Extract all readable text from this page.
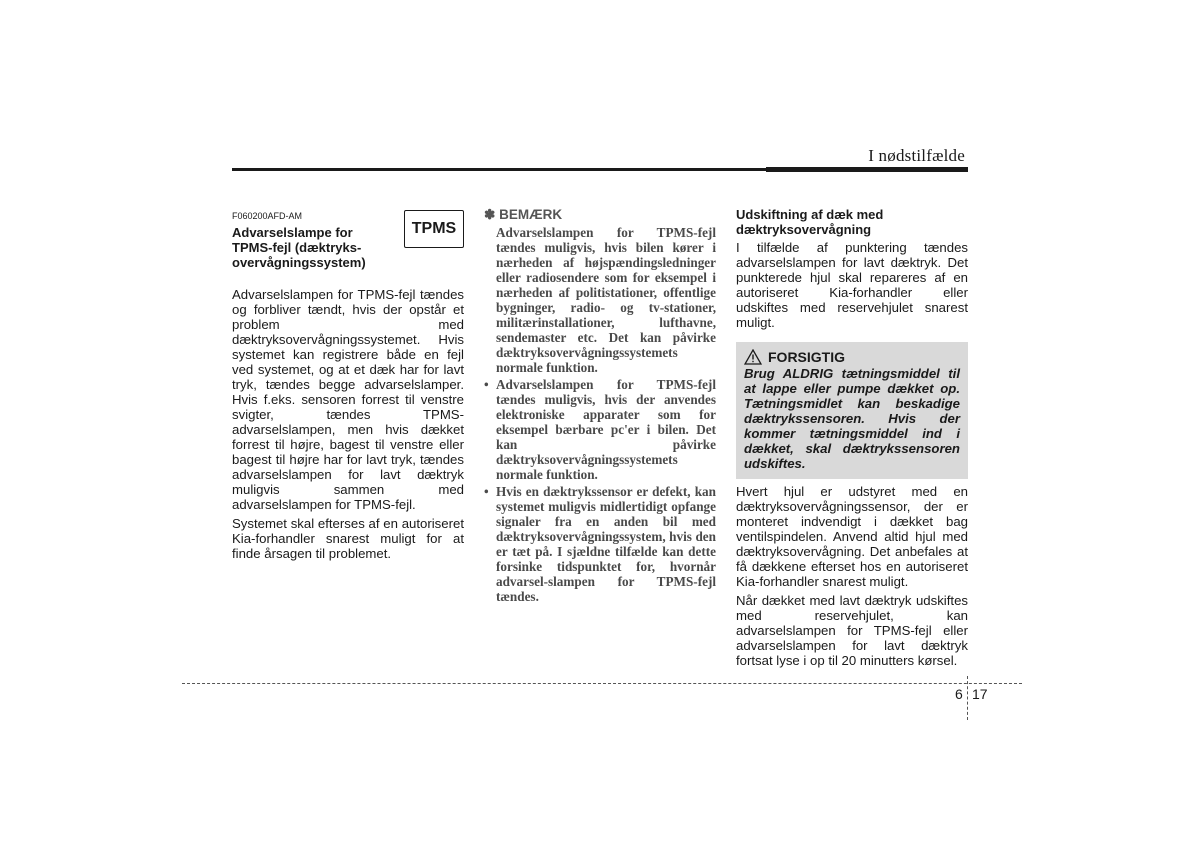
I nødstilfælde

F060200AFD-AM

Advarselslampe for TPMS-fejl (dæktryks-overvågningssystem)

TPMS

Advarselslampen for TPMS-fejl tændes og forbliver tændt, hvis der opstår et problem med dæktryksovervågningssystemet. Hvis systemet kan registrere både en fejl ved systemet, og at et dæk har for lavt tryk, tændes begge advarselslamper. Hvis f.eks. sensoren forrest til venstre svigter, tændes TPMS-advarselslampen, men hvis dækket forrest til højre, bagest til venstre eller bagest til højre har for lavt tryk, tændes advarselslampen for lavt dæktryk muligvis sammen med advarselslampen for TPMS-fejl.

Systemet skal efterses af en autoriseret Kia-forhandler snarest muligt for at finde årsagen til problemet.

✽ BEMÆRK

Advarselslampen for TPMS-fejl tændes muligvis, hvis bilen kører i nærheden af højspændingsledninger eller radiosendere som for eksempel i nærheden af politistationer, offentlige bygninger, radio- og tv-stationer, militærinstallationer, lufthavne, sendemaster etc. Det kan påvirke dæktryksovervågningssystemets normale funktion.
• Advarselslampen for TPMS-fejl tændes muligvis, hvis der anvendes elektroniske apparater som for eksempel bærbare pc'er i bilen. Det kan påvirke dæktryksovervågningssystemets normale funktion.
• Hvis en dæktrykssensor er defekt, kan systemet muligvis midlertidigt opfange signaler fra en anden bil med dæktryksovervågningssystem, hvis den er tæt på. I sjældne tilfælde kan dette forsinke tidspunktet for, hvornår advarsel-slampen for TPMS-fejl tændes.

Udskiftning af dæk med dæktryksovervågning

I tilfælde af punktering tændes advarselslampen for lavt dæktryk. Det punkterede hjul skal repareres af en autoriseret Kia-forhandler eller udskiftes med reservehjulet snarest muligt.

FORSIGTIG

Brug ALDRIG tætningsmiddel til at lappe eller pumpe dækket op. Tætningsmidlet kan beskadige dæktrykssensoren. Hvis der kommer tætningsmiddel ind i dækket, skal dæktrykssensoren udskiftes.

Hvert hjul er udstyret med en dæktryksovervågningssensor, der er monteret indvendigt i dækket bag ventilspindelen. Anvend altid hjul med dæktryksovervågning. Det anbefales at få dækkene efterset hos en autoriseret Kia-forhandler snarest muligt.

Når dækket med lavt dæktryk udskiftes med reservehjulet, kan advarselslampen for TPMS-fejl eller advarselslampen for lavt dæktryk fortsat lyse i op til 20 minutters kørsel.

6 17
